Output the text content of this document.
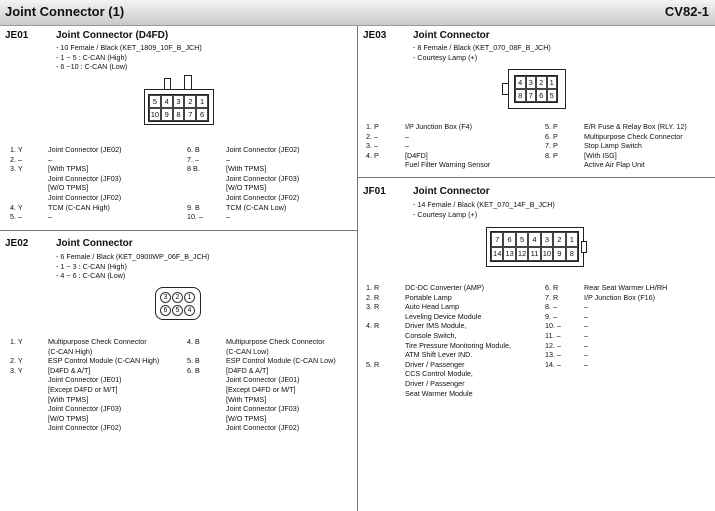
Joint Connector (1)	CV82-1
JE01	Joint Connector (D4FD)
- 10 Female / Black (KET_1809_10F_B_JCH)
- 1 ~ 5 : C-CAN (High)
- 6 ~10 : C-CAN (Low)
5	4	3	2	1
10 9	8	7	6
1. Y	Joint Connector (JE02)
2. –	–
3. Y	[With TPMS]
Joint Connector (JF03)
[W/O TPMS]
Joint Connector (JF02)
4. Y	TCM (C-CAN High)
5. –	–
6. B	Joint Connector (JE02)
7. –	–
8 B.	[With TPMS]
Joint Connector (JF03)
[W/O TPMS]
Joint Connector (JF02)
9. B	TCM (C-CAN Low)
10. –	–
JE02	Joint Connector
- 6 Female / Black (KET_090IIWP_06F_B_JCH)
- 1 ~ 3 : C-CAN (High)
- 4 ~ 6 : C-CAN (Low)
3	2	1
6	5	4
1. Y	Multipurpose Check Connector
(C-CAN High)
2. Y	ESP Control Module (C-CAN High)
3. Y	[D4FD & A/T]
Joint Connector (JE01)
[Except D4FD or M/T]
[With TPMS]
Joint Connector (JF03)
[W/O TPMS]
Joint Connector (JF02)
4. B	Multipurpose Check Connector
(C-CAN Low)
5. B	ESP Control Module (C-CAN Low)
6. B	[D4FD & A/T]
Joint Connector (JE01)
[Except D4FD or M/T]
[With TPMS]
Joint Connector (JF03)
[W/O TPMS]
Joint Connector (JF02)
JE03	Joint Connector
- 8 Female / Black (KET_070_08F_B_JCH)
- Courtesy Lamp (+)
4 3 2 1
8 7 6 5
1. P	I/P Junction Box (F4)
2. –	–
3. –	–
4. P	[D4FD]
Fuel Filter Warning Sensor
5. P	E/R Fuse & Relay Box (RLY. 12)
6. P	Multipurpose Check Connector
7. P	Stop Lamp Switch
8. P	[With ISG]
Active Air Flap Unit
JF01	Joint Connector
- 14 Female / Black (KET_070_14F_B_JCH)
- Courtesy Lamp (+)
7	6	5	4	3	2	1
14 13 12 11 10 9	8
1. R	DC-DC Converter (AMP)
2. R	Portable Lamp
3. R	Auto Head Lamp
Leveling Device Module
4. R	Driver IMS Module,
Console Switch,
Tire Pressure Monitoring Module,
ATM Shift Lever IND.
5. R	Driver / Passenger
CCS Control Module,
Driver / Passenger
Seat Warmer Module
6. R	Rear Seat Warmer LH/RH
7. R	I/P Junction Box (F16)
8. –	–
9. –	–
10. –	–
11. –	–
12. –	–
13. –	–
14. –	–
